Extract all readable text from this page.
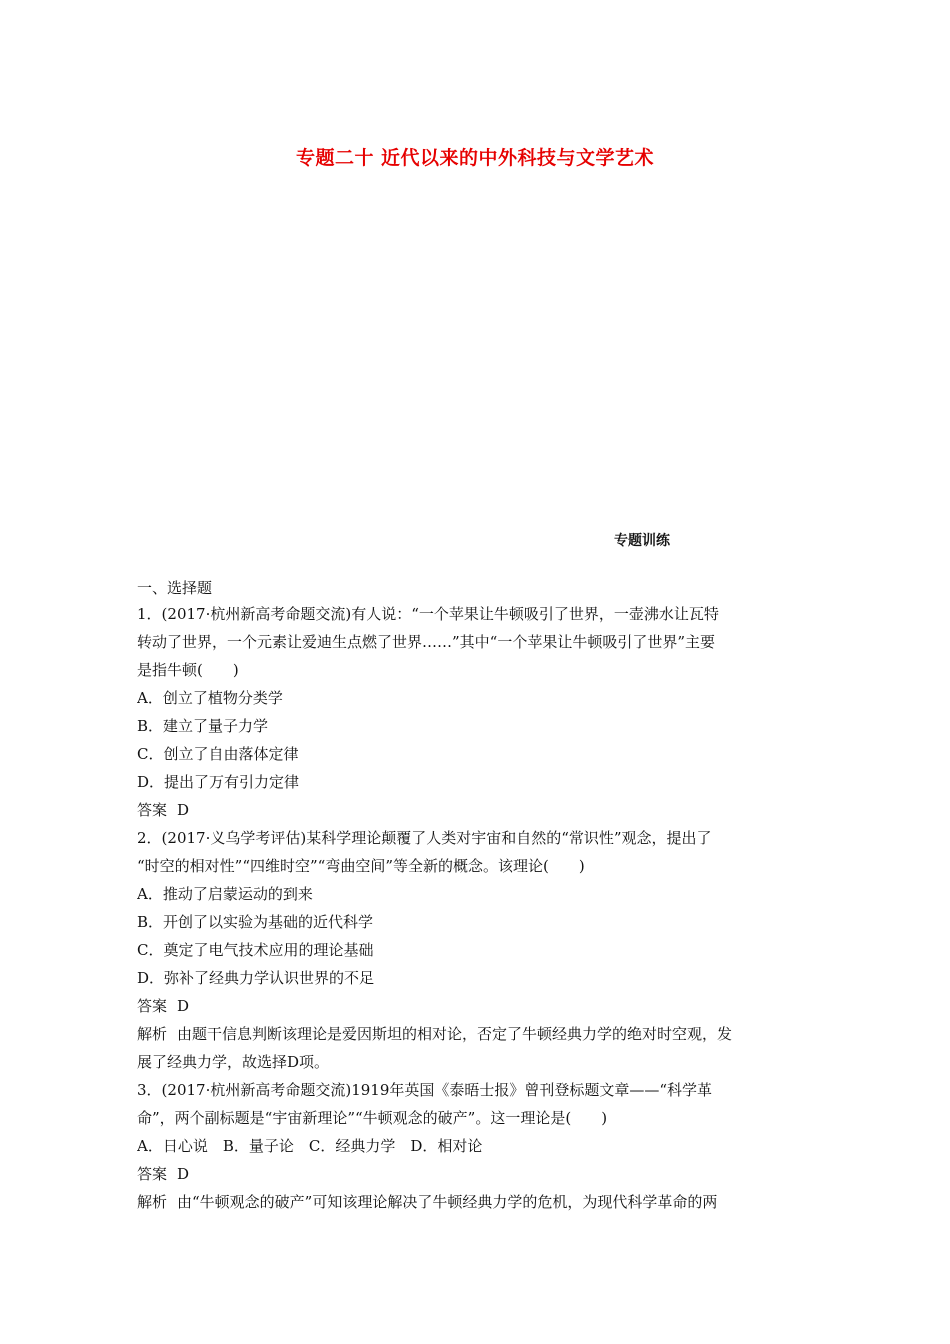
专题二十 近代以来的中外科技与文学艺术
专题训练
一、选择题
1．(2017·杭州新高考命题交流)有人说：“一个苹果让牛顿吸引了世界，一壶沸水让瓦特
转动了世界，一个元素让爱迪生点燃了世界……”其中“一个苹果让牛顿吸引了世界”主要
是指牛顿(　　)
A．创立了植物分类学
B．建立了量子力学
C．创立了自由落体定律
D．提出了万有引力定律
答案 D
2．(2017·义乌学考评估)某科学理论颠覆了人类对宇宙和自然的“常识性”观念，提出了
“时空的相对性”“四维时空”“弯曲空间”等全新的概念。该理论(　　)
A．推动了启蒙运动的到来
B．开创了以实验为基础的近代科学
C．奠定了电气技术应用的理论基础
D．弥补了经典力学认识世界的不足
答案 D
解析 由题干信息判断该理论是爱因斯坦的相对论，否定了牛顿经典力学的绝对时空观，发
展了经典力学，故选择D项。
3．(2017·杭州新高考命题交流)1919年英国《泰晤士报》曾刊登标题文章——“科学革
命”，两个副标题是“宇宙新理论”“牛顿观念的破产”。这一理论是(　　)
A．日心说　B．量子论　C．经典力学　D．相对论
答案 D
解析 由“牛顿观念的破产”可知该理论解决了牛顿经典力学的危机，为现代科学革命的两
